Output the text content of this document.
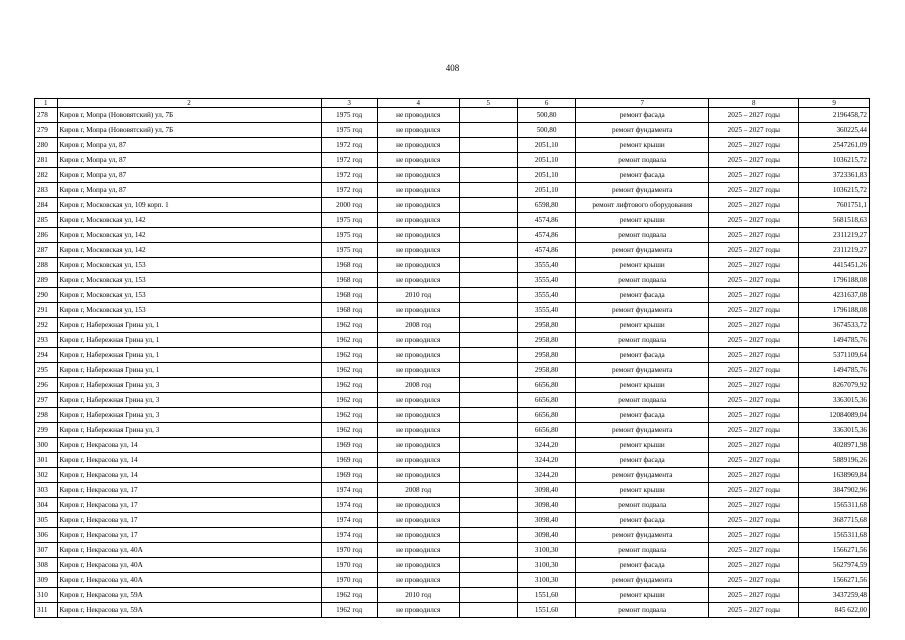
408
1	2	3	4	5	6	7	8	9
278	Киров г, Мопра (Нововятский) ул, 7Б	1975 год	не проводился		500,80	ремонт фасада	2025 – 2027 годы	2196458,72
279	Киров г, Мопра (Нововятский) ул, 7Б	1975 год	не проводился		500,80	ремонт фундамента	2025 – 2027 годы	360225,44
280	Киров г, Мопра ул, 87	1972 год	не проводился		2051,10	ремонт крыши	2025 – 2027 годы	2547261,09
281	Киров г, Мопра ул, 87	1972 год	не проводился		2051,10	ремонт подвала	2025 – 2027 годы	1036215,72
282	Киров г, Мопра ул, 87	1972 год	не проводился		2051,10	ремонт фасада	2025 – 2027 годы	3723361,83
283	Киров г, Мопра ул, 87	1972 год	не проводился		2051,10	ремонт фундамента	2025 – 2027 годы	1036215,72
284	Киров г, Московская ул, 109 корп. 1	2000 год	не проводился		6598,80	ремонт лифтового оборудования	2025 – 2027 годы	7601751,1
285	Киров г, Московская ул, 142	1975 год	не проводился		4574,86	ремонт крыши	2025 – 2027 годы	5681518,63
286	Киров г, Московская ул, 142	1975 год	не проводился		4574,86	ремонт подвала	2025 – 2027 годы	2311219,27
287	Киров г, Московская ул, 142	1975 год	не проводился		4574,86	ремонт фундамента	2025 – 2027 годы	2311219,27
288	Киров г, Московская ул, 153	1968 год	не проводился		3555,40	ремонт крыши	2025 – 2027 годы	4415451,26
289	Киров г, Московская ул, 153	1968 год	не проводился		3555,40	ремонт подвала	2025 – 2027 годы	1796188,08
290	Киров г, Московская ул, 153	1968 год	2010 год		3555,40	ремонт фасада	2025 – 2027 годы	4231637,08
291	Киров г, Московская ул, 153	1968 год	не проводился		3555,40	ремонт фундамента	2025 – 2027 годы	1796188,08
292	Киров г, Набережная Грина ул, 1	1962 год	2008 год		2958,80	ремонт крыши	2025 – 2027 годы	3674533,72
293	Киров г, Набережная Грина ул, 1	1962 год	не проводился		2958,80	ремонт подвала	2025 – 2027 годы	1494785,76
294	Киров г, Набережная Грина ул, 1	1962 год	не проводился		2958,80	ремонт фасада	2025 – 2027 годы	5371109,64
295	Киров г, Набережная Грина ул, 1	1962 год	не проводился		2958,80	ремонт фундамента	2025 – 2027 годы	1494785,76
296	Киров г, Набережная Грина ул, 3	1962 год	2008 год		6656,80	ремонт крыши	2025 – 2027 годы	8267079,92
297	Киров г, Набережная Грина ул, 3	1962 год	не проводился		6656,80	ремонт подвала	2025 – 2027 годы	3363015,36
298	Киров г, Набережная Грина ул, 3	1962 год	не проводился		6656,80	ремонт фасада	2025 – 2027 годы	12084089,04
299	Киров г, Набережная Грина ул, 3	1962 год	не проводился		6656,80	ремонт фундамента	2025 – 2027 годы	3363015,36
300	Киров г, Некрасова ул, 14	1969 год	не проводился		3244,20	ремонт крыши	2025 – 2027 годы	4028971,98
301	Киров г, Некрасова ул, 14	1969 год	не проводился		3244,20	ремонт фасада	2025 – 2027 годы	5889196,26
302	Киров г, Некрасова ул, 14	1969 год	не проводился		3244,20	ремонт фундамента	2025 – 2027 годы	1638969,84
303	Киров г, Некрасова ул, 17	1974 год	2008 год		3098,40	ремонт крыши	2025 – 2027 годы	3847902,96
304	Киров г, Некрасова ул, 17	1974 год	не проводился		3098,40	ремонт подвала	2025 – 2027 годы	1565311,68
305	Киров г, Некрасова ул, 17	1974 год	не проводился		3098,40	ремонт фасада	2025 – 2027 годы	3687715,68
306	Киров г, Некрасова ул, 17	1974 год	не проводился		3098,40	ремонт фундамента	2025 – 2027 годы	1565311,68
307	Киров г, Некрасова ул, 40А	1970 год	не проводился		3100,30	ремонт подвала	2025 – 2027 годы	1566271,56
308	Киров г, Некрасова ул, 40А	1970 год	не проводился		3100,30	ремонт фасада	2025 – 2027 годы	5627974,59
309	Киров г, Некрасова ул, 40А	1970 год	не проводился		3100,30	ремонт фундамента	2025 – 2027 годы	1566271,56
310	Киров г, Некрасова ул, 59А	1962 год	2010 год		1551,60	ремонт крыши	2025 – 2027 годы	3437259,48
311	Киров г, Некрасова ул, 59А	1962 год	не проводился		1551,60	ремонт подвала	2025 – 2027 годы	845 622,00
